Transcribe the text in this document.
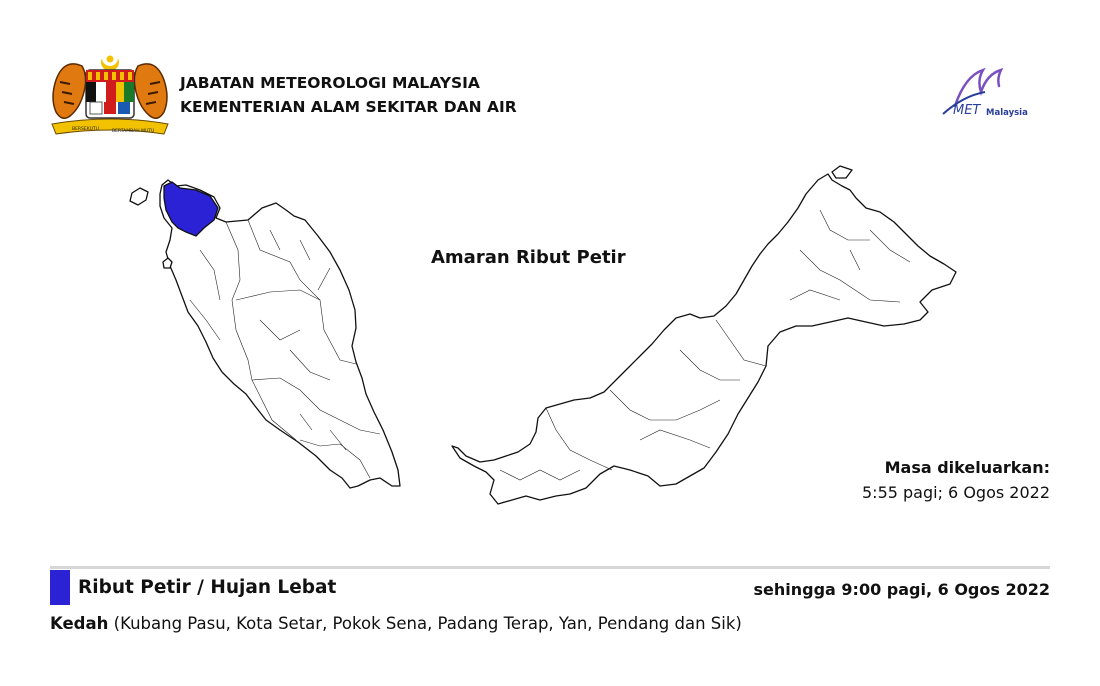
BERSEKUTU	BERTAMBAH MUTU
JABATAN METEOROLOGI MALAYSIA
KEMENTERIAN ALAM SEKITAR DAN AIR	MET Malaysia
Amaran Ribut Petir
Masa dikeluarkan:
5:55 pagi; 6 Ogos 2022
Ribut Petir / Hujan Lebat	sehingga 9:00 pagi, 6 Ogos 2022
Kedah (Kubang Pasu, Kota Setar, Pokok Sena, Padang Terap, Yan, Pendang dan Sik)
